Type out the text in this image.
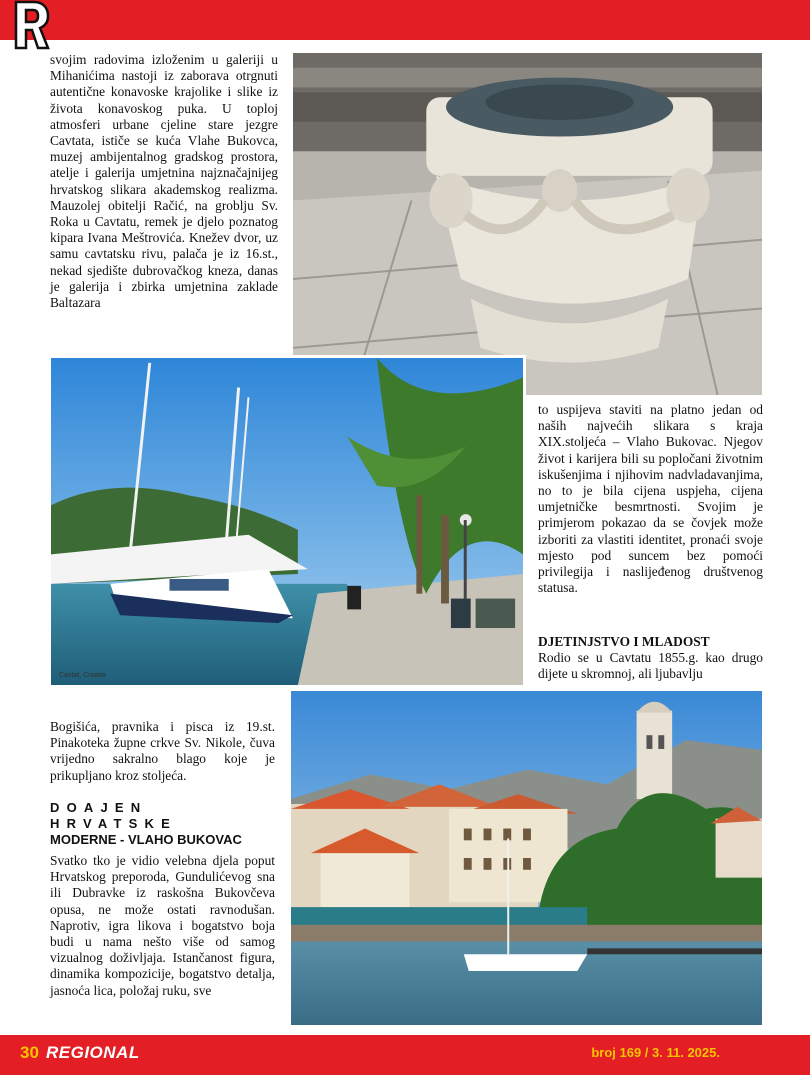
svojim radovima izloženim u galeriji u Mihanićima nastoji iz zaborava otrgnuti autentične konavoske krajolike i slike iz života konavoskog puka. U toploj atmosferi urbane cjeline stare jezgre Cavtata, ističe se kuća Vlahe Bukovca, muzej ambijentalnog gradskog prostora, atelje i galerija umjetnina najznačajnijeg hrvatskog slikara akademskog realizma. Mauzolej obitelji Račić, na groblju Sv. Roka u Cavtatu, remek je djelo poznatog kipara Ivana Meštrovića. Knežev dvor, uz samu cavtatsku rivu, palača je iz 16.st., nekad sjedište dubrovačkog kneza, danas je galerija i zbirka umjetnina zaklade Baltazara

Cavtat, Croatia

to uspijeva staviti na platno jedan od naših najvećih slikara s kraja XIX.stoljeća – Vlaho Bukovac. Njegov život i karijera bili su popločani životnim iskušenjima i njihovim nadvladavanjima, no to je bila cijena uspjeha, cijena umjetničke besmrtnosti. Svojim je primjerom pokazao da se čovjek može izboriti za vlastiti identitet, pronaći svoje mjesto pod suncem bez pomoći privilegija i naslijeđenog društvenog statusa.

DJETINJSTVO I MLADOST

Rodio se u Cavtatu 1855.g. kao drugo dijete u skromnoj, ali ljubavlju

Bogišića, pravnika i pisca iz 19.st. Pinakoteka župne crkve Sv. Nikole, čuva vrijedno sakralno blago koje je prikupljano kroz stoljeća.

DOAJEN HRVATSKE
MODERNE - VLAHO BUKOVAC

Svatko tko je vidio velebna djela poput Hrvatskog preporoda, Gundulićevog sna ili Dubravke iz raskošna Bukovčeva opusa, ne može ostati ravnodušan. Naprotiv, igra likova i bogatstvo boja budi u nama nešto više od samog vizualnog doživljaja. Istančanost figura, dinamika kompozicije, bogatstvo detalja, jasnoća lica, položaj ruku, sve

30 REGIONAL	broj 169 / 3. 11. 2025.
